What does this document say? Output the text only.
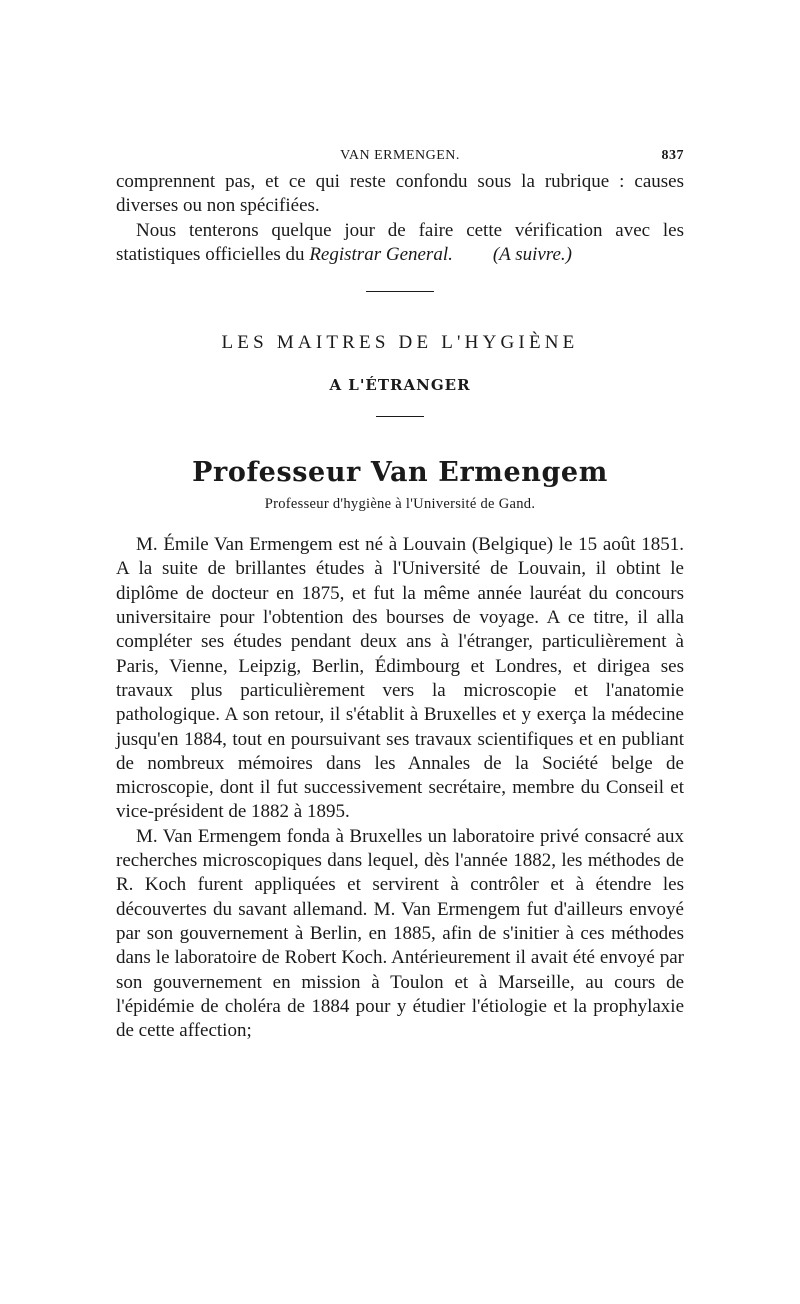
VAN ERMENGEN.	837

comprennent pas, et ce qui reste confondu sous la rubrique : causes diverses ou non spécifiées.

Nous tenterons quelque jour de faire cette vérification avec les statistiques officielles du Registrar General. (A suivre.)

LES MAITRES DE L'HYGIÈNE
A L'ÉTRANGER
Professeur Van Ermengem
Professeur d'hygiène à l'Université de Gand.

M. Émile Van Ermengem est né à Louvain (Belgique) le 15 août 1851. A la suite de brillantes études à l'Université de Louvain, il obtint le diplôme de docteur en 1875, et fut la même année lauréat du concours universitaire pour l'obtention des bourses de voyage. A ce titre, il alla compléter ses études pendant deux ans à l'étranger, particulièrement à Paris, Vienne, Leipzig, Berlin, Édimbourg et Londres, et dirigea ses travaux plus particulièrement vers la microscopie et l'anatomie pathologique. A son retour, il s'établit à Bruxelles et y exerça la médecine jusqu'en 1884, tout en poursuivant ses travaux scientifiques et en publiant de nombreux mémoires dans les Annales de la Société belge de microscopie, dont il fut successivement secrétaire, membre du Conseil et vice-président de 1882 à 1895.

M. Van Ermengem fonda à Bruxelles un laboratoire privé consacré aux recherches microscopiques dans lequel, dès l'année 1882, les méthodes de R. Koch furent appliquées et servirent à contrôler et à étendre les découvertes du savant allemand. M. Van Ermengem fut d'ailleurs envoyé par son gouvernement à Berlin, en 1885, afin de s'initier à ces méthodes dans le laboratoire de Robert Koch. Antérieurement il avait été envoyé par son gouvernement en mission à Toulon et à Marseille, au cours de l'épidémie de choléra de 1884 pour y étudier l'étiologie et la prophylaxie de cette affection;
